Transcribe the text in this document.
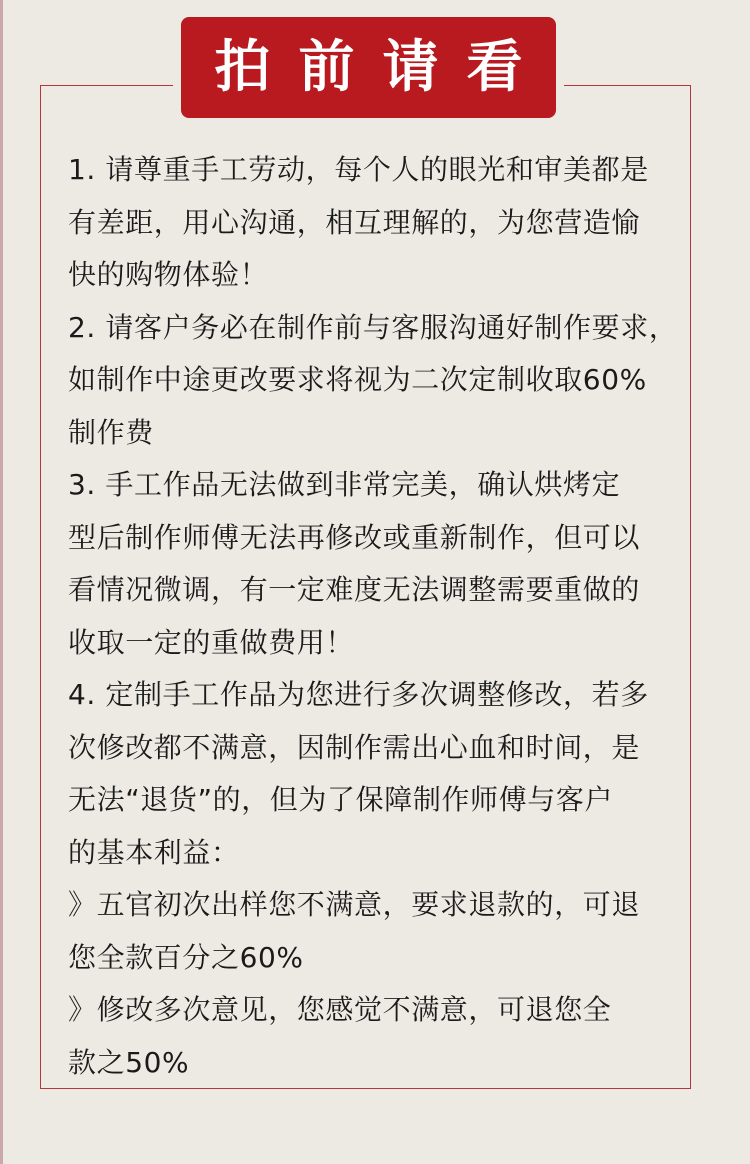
拍前请看
1. 请尊重手工劳动，每个人的眼光和审美都是
有差距，用心沟通，相互理解的，为您营造愉
快的购物体验！
2. 请客户务必在制作前与客服沟通好制作要求，
如制作中途更改要求将视为二次定制收取60%
制作费
3. 手工作品无法做到非常完美，确认烘烤定
型后制作师傅无法再修改或重新制作，但可以
看情况微调，有一定难度无法调整需要重做的
收取一定的重做费用！
4. 定制手工作品为您进行多次调整修改，若多
次修改都不满意，因制作需出心血和时间，是
无法“退货”的，但为了保障制作师傅与客户
的基本利益：
》五官初次出样您不满意，要求退款的，可退
您全款百分之60%
》修改多次意见，您感觉不满意，可退您全
款之50%
